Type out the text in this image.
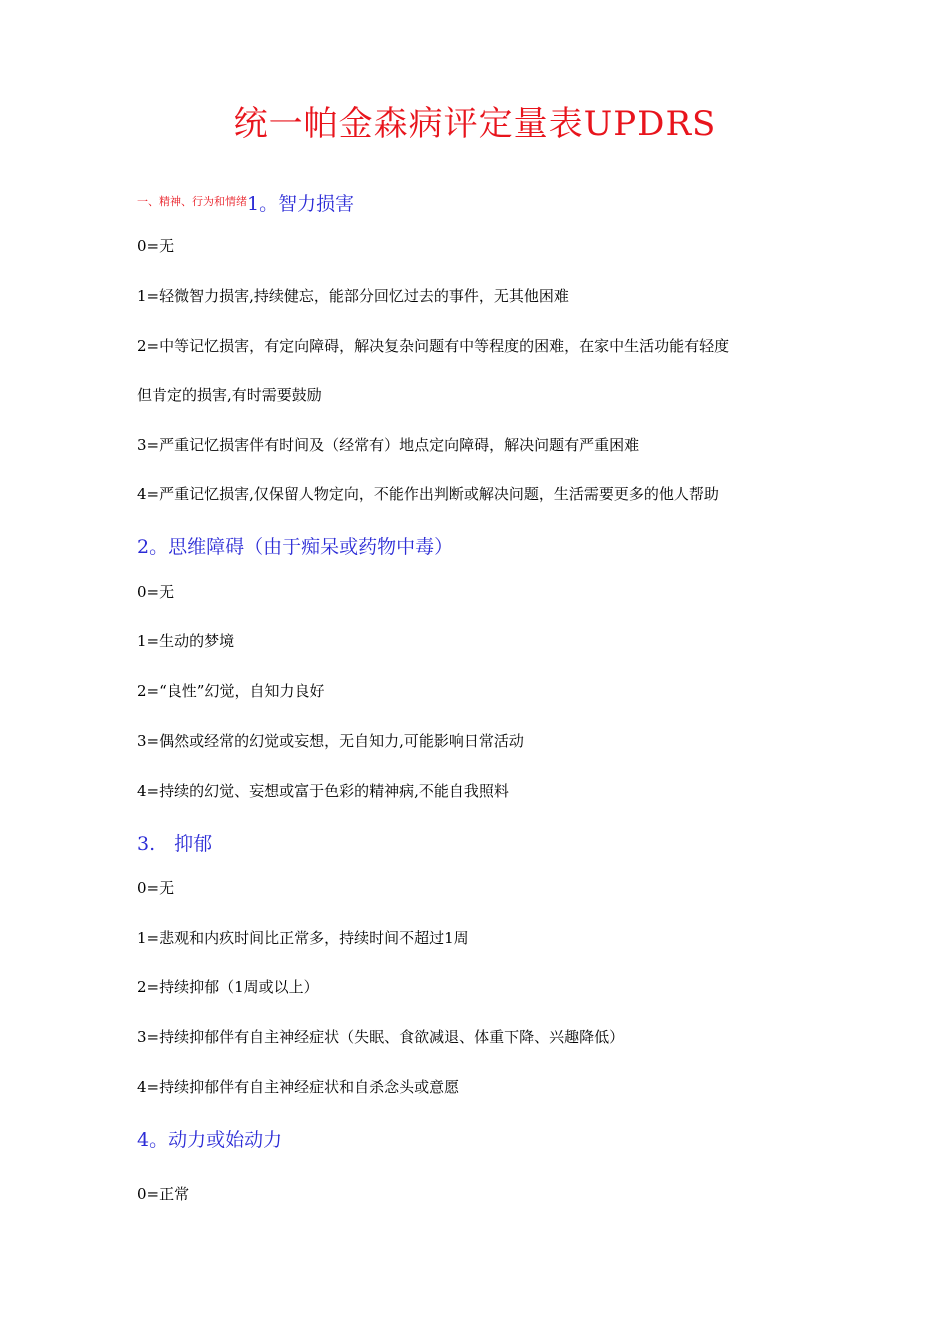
统一帕金森病评定量表UPDRS
$^{一、精神、行为和情绪}$1。智力损害
0=无
1=轻微智力损害,持续健忘，能部分回忆过去的事件，无其他困难
2=中等记忆损害，有定向障碍，解决复杂问题有中等程度的困难，在家中生活功能有轻度
但肯定的损害,有时需要鼓励
3=严重记忆损害伴有时间及（经常有）地点定向障碍，解决问题有严重困难
4=严重记忆损害,仅保留人物定向，不能作出判断或解决问题，生活需要更多的他人帮助
2。思维障碍（由于痴呆或药物中毒）
0=无
1=生动的梦境
2=“良性”幻觉，自知力良好
3=偶然或经常的幻觉或妄想，无自知力,可能影响日常活动
4=持续的幻觉、妄想或富于色彩的精神病,不能自我照料
3.　抑郁
0=无
1=悲观和内疚时间比正常多，持续时间不超过1周
2=持续抑郁（1周或以上）
3=持续抑郁伴有自主神经症状（失眠、食欲减退、体重下降、兴趣降低）
4=持续抑郁伴有自主神经症状和自杀念头或意愿
4。动力或始动力
0=正常
